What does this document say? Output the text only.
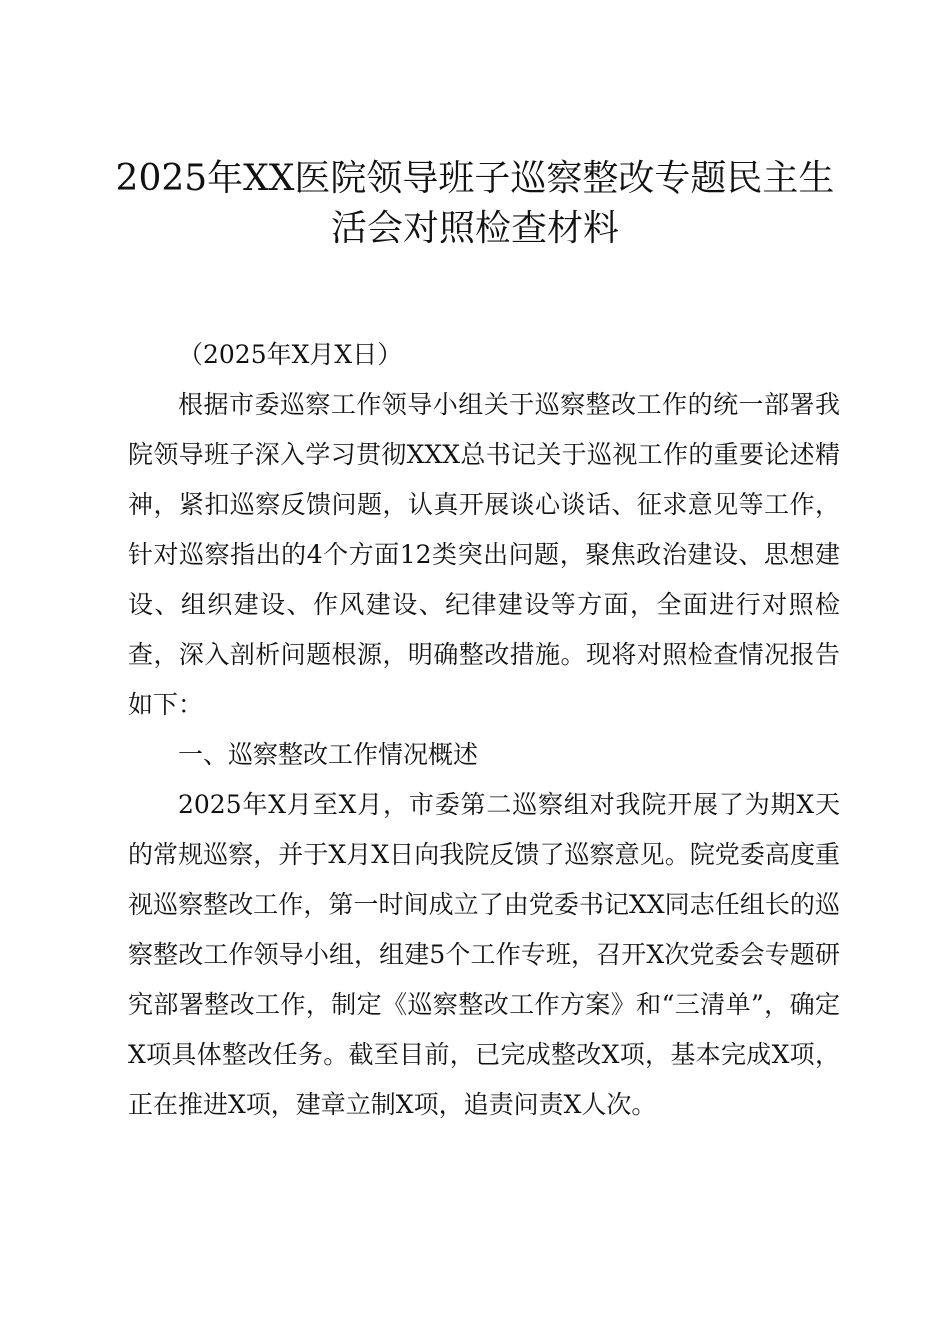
2025年XX医院领导班子巡察整改专题民主生
活会对照检查材料

（2025年X月X日）

根据市委巡察工作领导小组关于巡察整改工作的统一部署我院领导班子深入学习贯彻XXX总书记关于巡视工作的重要论述精神，紧扣巡察反馈问题，认真开展谈心谈话、征求意见等工作，针对巡察指出的4个方面12类突出问题，聚焦政治建设、思想建设、组织建设、作风建设、纪律建设等方面，全面进行对照检查，深入剖析问题根源，明确整改措施。现将对照检查情况报告如下：

一、巡察整改工作情况概述

2025年X月至X月，市委第二巡察组对我院开展了为期X天的常规巡察，并于X月X日向我院反馈了巡察意见。院党委高度重视巡察整改工作，第一时间成立了由党委书记XX同志任组长的巡察整改工作领导小组，组建5个工作专班，召开X次党委会专题研究部署整改工作，制定《巡察整改工作方案》和“三清单”，确定X项具体整改任务。截至目前，已完成整改X项，基本完成X项，正在推进X项，建章立制X项，追责问责X人次。
